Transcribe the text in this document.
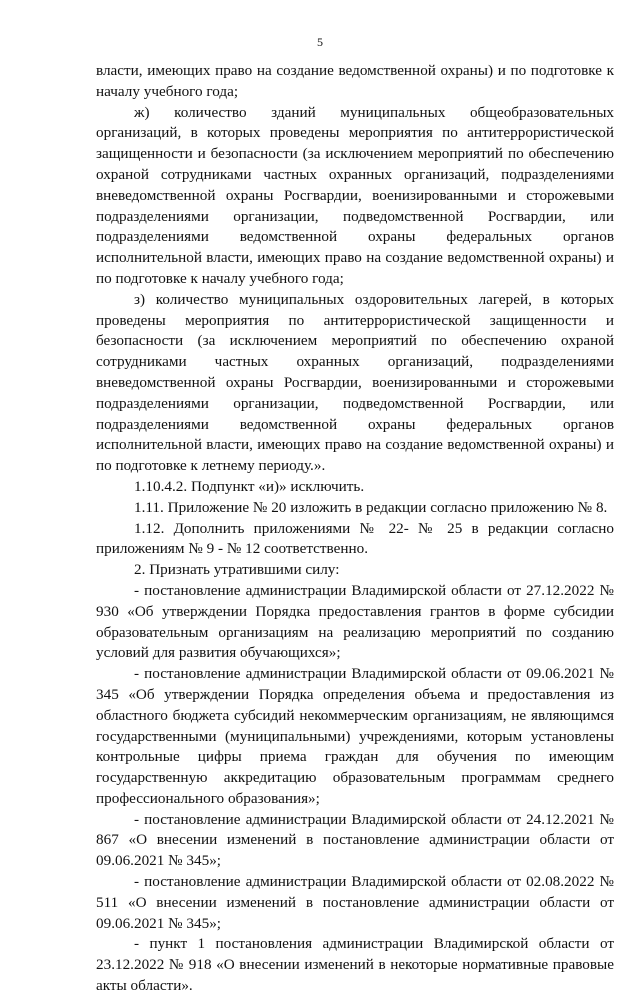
5

власти, имеющих право на создание ведомственной охраны) и по подготовке к началу учебного года;

ж) количество зданий муниципальных общеобразовательных организаций, в которых проведены мероприятия по антитеррористической защищенности и безопасности (за исключением мероприятий по обеспечению охраной сотрудниками частных охранных организаций, подразделениями вневедомственной охраны Росгвардии, военизированными и сторожевыми подразделениями организации, подведомственной Росгвардии, или подразделениями ведомственной охраны федеральных органов исполнительной власти, имеющих право на создание ведомственной охраны) и по подготовке к началу учебного года;

з) количество муниципальных оздоровительных лагерей, в которых проведены мероприятия по антитеррористической защищенности и безопасности (за исключением мероприятий по обеспечению охраной сотрудниками частных охранных организаций, подразделениями вневедомственной охраны Росгвардии, военизированными и сторожевыми подразделениями организации, подведомственной Росгвардии, или подразделениями ведомственной охраны федеральных органов исполнительной власти, имеющих право на создание ведомственной охраны) и по подготовке к летнему периоду.».

1.10.4.2. Подпункт «и)» исключить.

1.11. Приложение № 20 изложить в редакции согласно приложению № 8.

1.12. Дополнить приложениями № 22- № 25 в редакции согласно приложениям № 9 - № 12 соответственно.

2. Признать утратившими силу:

- постановление администрации Владимирской области от 27.12.2022 № 930 «Об утверждении Порядка предоставления грантов в форме субсидии образовательным организациям на реализацию мероприятий по созданию условий для развития обучающихся»;

- постановление администрации Владимирской области от 09.06.2021 № 345 «Об утверждении Порядка определения объема и предоставления из областного бюджета субсидий некоммерческим организациям, не являющимся государственными (муниципальными) учреждениями, которым установлены контрольные цифры приема граждан для обучения по имеющим государственную аккредитацию образовательным программам среднего профессионального образования»;

- постановление администрации Владимирской области от 24.12.2021 № 867 «О внесении изменений в постановление администрации области от 09.06.2021 № 345»;

- постановление администрации Владимирской области от 02.08.2022 № 511 «О внесении изменений в постановление администрации области от 09.06.2021 № 345»;

- пункт 1 постановления администрации Владимирской области от 23.12.2022 № 918 «О внесении изменений в некоторые нормативные правовые акты области».
